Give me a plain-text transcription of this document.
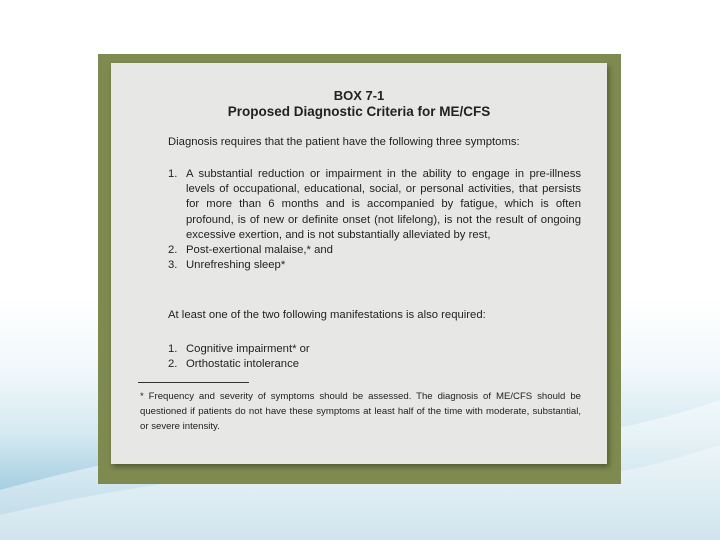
BOX 7-1
Proposed Diagnostic Criteria for ME/CFS
Diagnosis requires that the patient have the following three symptoms:
1. A substantial reduction or impairment in the ability to engage in pre-illness levels of occupational, educational, social, or personal activities, that persists for more than 6 months and is accompanied by fatigue, which is often profound, is of new or definite onset (not lifelong), is not the result of ongoing excessive exertion, and is not substantially alleviated by rest,
2. Post-exertional malaise,* and
3. Unrefreshing sleep*
At least one of the two following manifestations is also required:
1. Cognitive impairment* or
2. Orthostatic intolerance
* Frequency and severity of symptoms should be assessed. The diagnosis of ME/CFS should be questioned if patients do not have these symptoms at least half of the time with moderate, substantial, or severe intensity.
